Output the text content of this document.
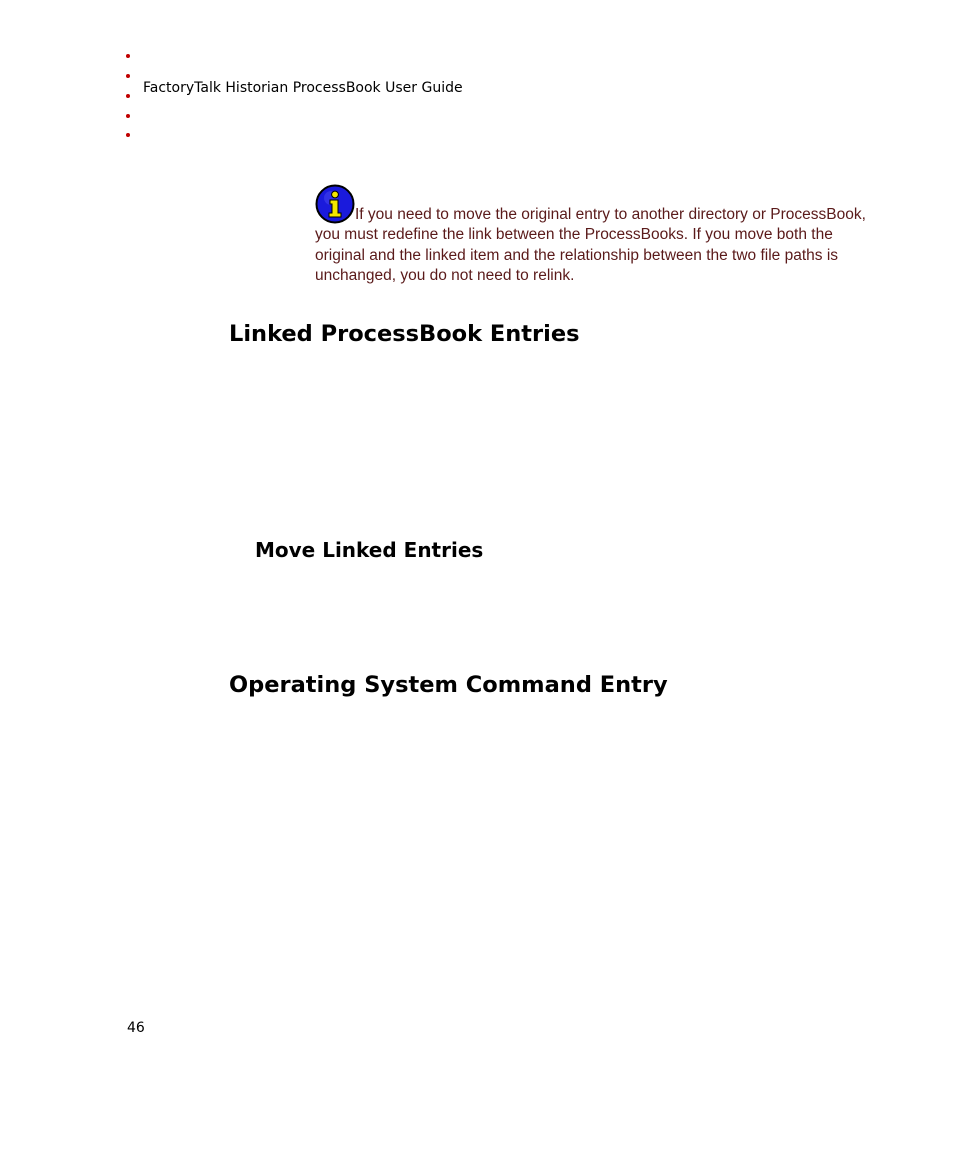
FactoryTalk Historian ProcessBook User Guide
If you need to move the original entry to another directory or ProcessBook, you must redefine the link between the ProcessBooks. If you move both the original and the linked item and the relationship between the two file paths is unchanged, you do not need to relink.
Linked ProcessBook Entries
Move Linked Entries
Operating System Command Entry
46
